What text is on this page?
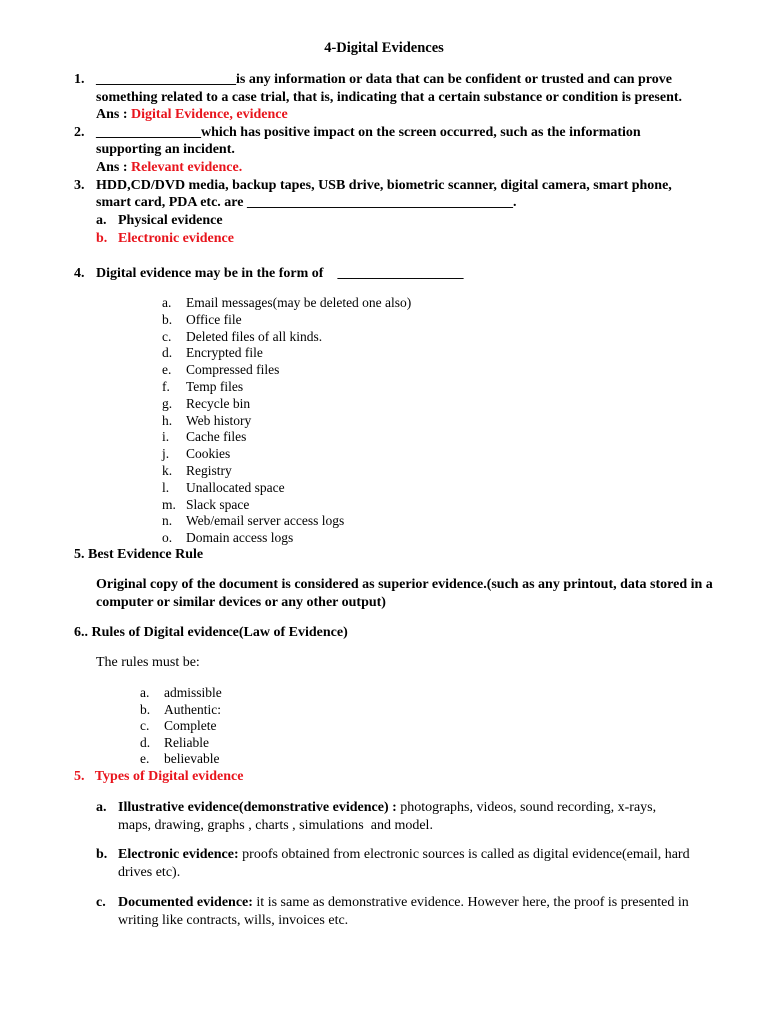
4-Digital Evidences
1. ____________________is any information or data that can be confident or trusted and can prove
something related to a case trial, that is, indicating that a certain substance or condition is present.
Ans : Digital Evidence, evidence
2. _______________which has positive impact on the screen occurred, such as the information
supporting an incident.
Ans : Relevant evidence.
3. HDD,CD/DVD media, backup tapes, USB drive, biometric scanner, digital camera, smart phone,
smart card, PDA etc. are ______________________________________.
a. Physical evidence
b. Electronic evidence
4. Digital evidence may be in the form of    __________________
a. Email messages(may be deleted one also)
b. Office file
c. Deleted files of all kinds.
d. Encrypted file
e. Compressed files
f. Temp files
g. Recycle bin
h. Web history
i. Cache files
j. Cookies
k. Registry
l. Unallocated space
m. Slack space
n. Web/email server access logs
o. Domain access logs
5. Best Evidence Rule
Original copy of the document is considered as superior evidence.(such as any printout, data stored in a
computer or similar devices or any other output)
6.. Rules of Digital evidence(Law of Evidence)
The rules must be:
a. admissible
b. Authentic:
c. Complete
d. Reliable
e. believable
5.   Types of Digital evidence
a. Illustrative evidence(demonstrative evidence) : photographs, videos, sound recording, x-rays,
maps, drawing, graphs , charts , simulations  and model.
b. Electronic evidence: proofs obtained from electronic sources is called as digital evidence(email, hard
drives etc).
c. Documented evidence: it is same as demonstrative evidence. However here, the proof is presented in
writing like contracts, wills, invoices etc.
